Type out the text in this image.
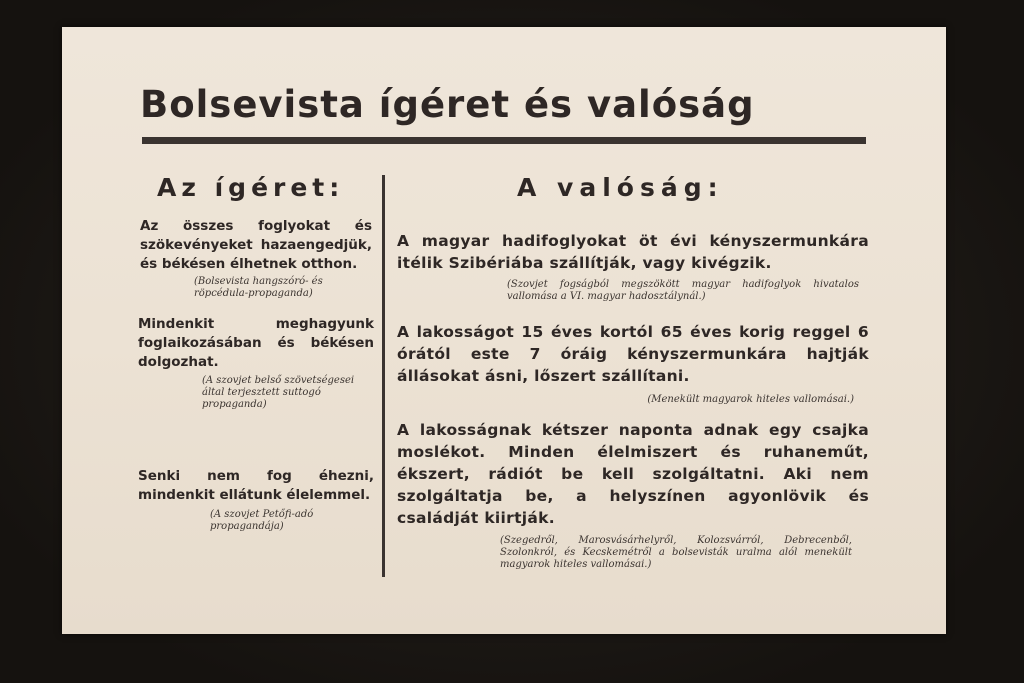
Bolsevista ígéret és valóság
Az ígéret:
Az összes foglyokat és szökevényeket hazaengedjük, és békésen élhetnek otthon.
(Bolsevista hangszóró- és röpcédula-propaganda)
Mindenkit meghagyunk foglaikozásában és békésen dolgozhat.
(A szovjet belső szövetségesei által terjesztett suttogó propaganda)
Senki nem fog éhezni, mindenkit ellátunk élelemmel.
(A szovjet Petőfi-adó propagandája)
A valóság:
A magyar hadifoglyokat öt évi kényszermunkára itélik Szibériába szállítják, vagy kivégzik.
(Szovjet fogságból megszökött magyar hadifoglyok hivatalos vallomása a VI. magyar hadosztálynál.)
A lakosságot 15 éves kortól 65 éves korig reggel 6 órától este 7 óráig kényszermunkára hajtják állásokat ásni, lőszert szállítani.
(Menekült magyarok hiteles vallomásai.)
A lakosságnak kétszer naponta adnak egy csajka moslékot. Minden élelmiszert és ruhaneműt, ékszert, rádiót be kell szolgáltatni. Aki nem szolgáltatja be, a helyszínen agyonlövik és családját kiirtják.
(Szegedről, Marosvásárhelyről, Kolozsvárról, Debrecenből, Szolonkról, és Kecskemétről a bolsevisták uralma alól menekült magyarok hiteles vallomásai.)
